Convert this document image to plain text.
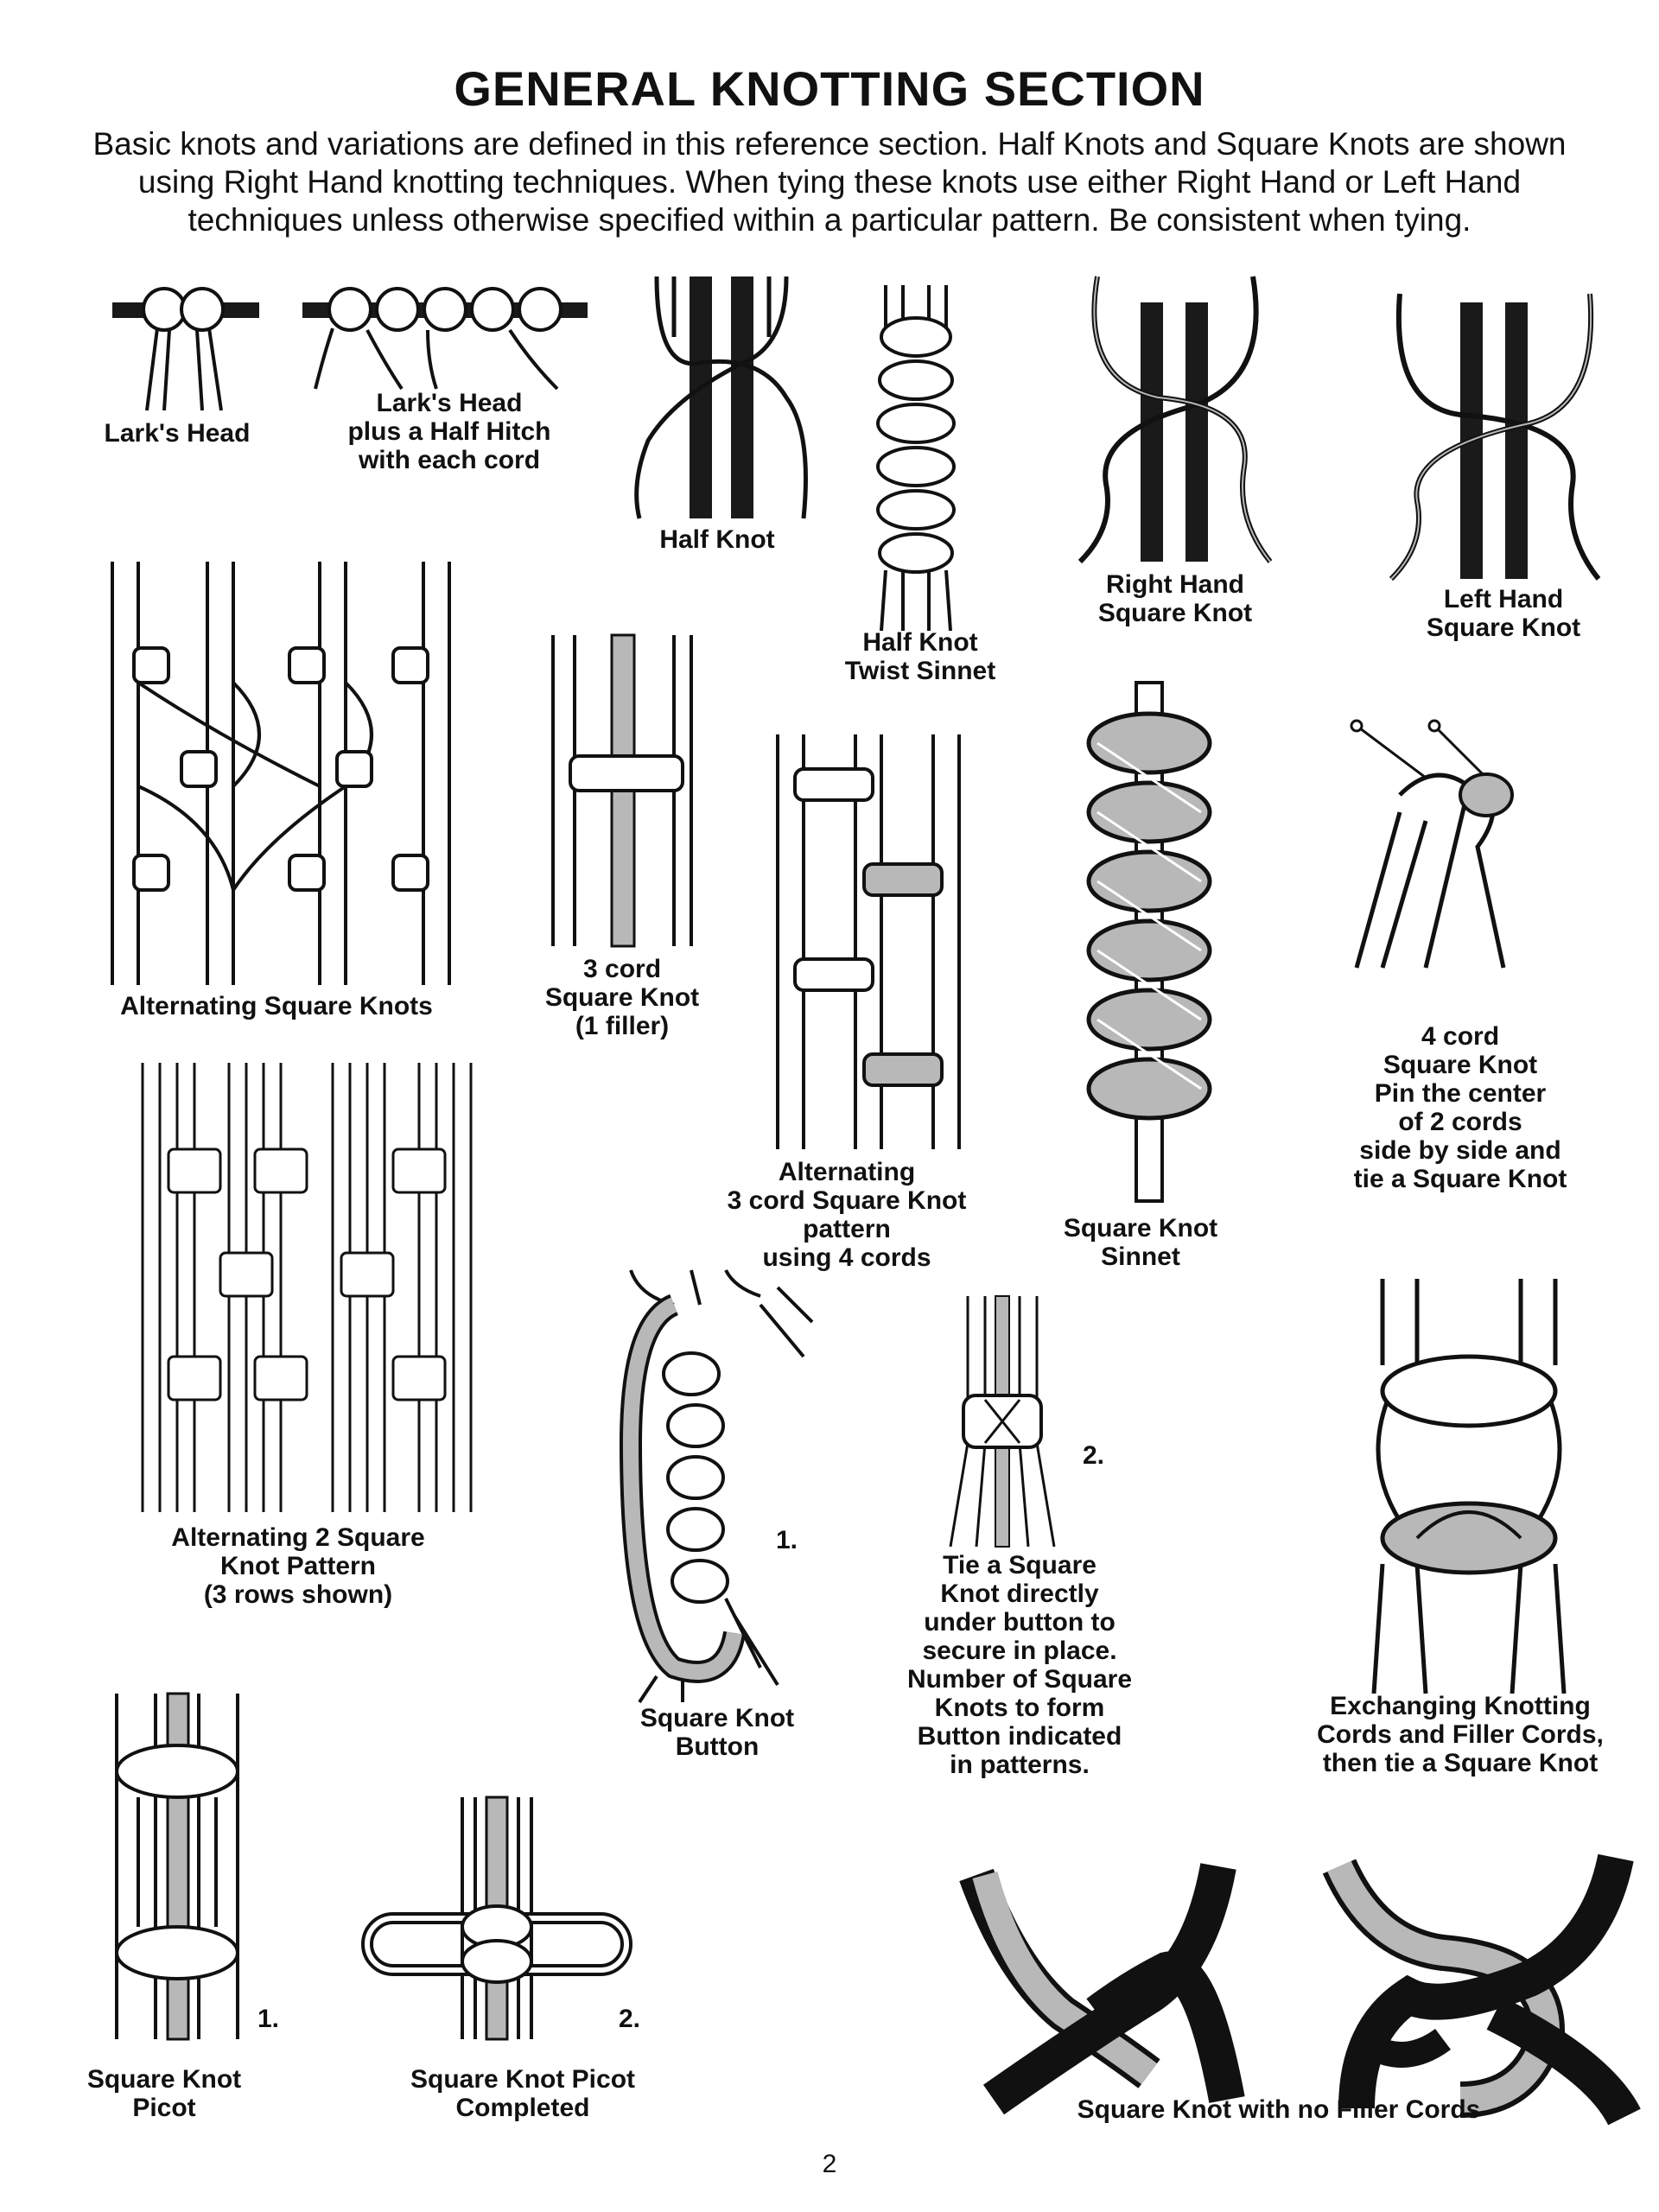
GENERAL KNOTTING SECTION
Basic knots and variations are defined in this reference section. Half Knots and Square Knots are shown using Right Hand knotting techniques. When tying these knots use either Right Hand or Left Hand techniques unless otherwise specified within a particular pattern. Be consistent when tying.
Lark's Head
Lark's Head
plus a Half Hitch
with each cord
Half Knot
Half Knot
Twist Sinnet
Right Hand
Square Knot	Left Hand
Square Knot
Alternating Square Knots
3 cord
Square Knot
(1 filler)
Alternating
3 cord Square Knot
pattern
using 4 cords
Square Knot
Sinnet
4 cord
Square Knot
Pin the center
of 2 cords
side by side and
tie a Square Knot
Alternating 2 Square
Knot Pattern
(3 rows shown)
1.
Square Knot
Button
2.
Tie a Square
Knot directly
under button to
secure in place.
Number of Square
Knots to form
Button indicated
in patterns.
Exchanging Knotting
Cords and Filler Cords,
then tie a Square Knot
1.
Square Knot
Picot
2.
Square Knot Picot
Completed	Square Knot with no Filler Cords
2
